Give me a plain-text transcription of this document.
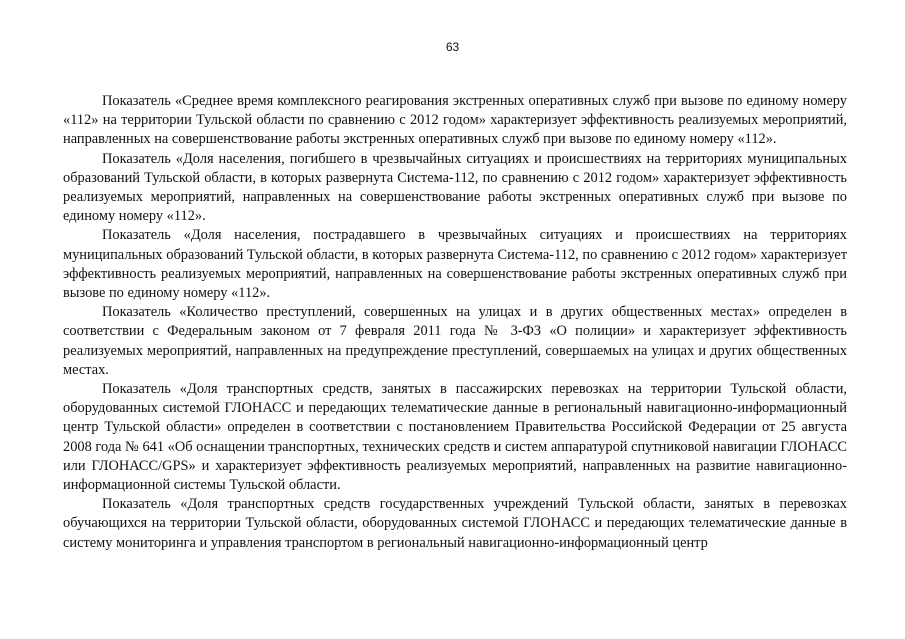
63

Показатель «Среднее время комплексного реагирования экстренных оперативных служб при вызове по единому номеру «112» на территории Тульской области по сравнению с 2012 годом» характеризует эффективность реализуемых мероприятий, направленных на совершенствование работы экстренных оперативных служб при вызове по единому номеру «112».

Показатель «Доля населения, погибшего в чрезвычайных ситуациях и происшествиях на территориях муниципальных образований Тульской области, в которых развернута Система-112, по сравнению с 2012 годом» характеризует эффективность реализуемых мероприятий, направленных на совершенствование работы экстренных оперативных служб при вызове по единому номеру «112».

Показатель «Доля населения, пострадавшего в чрезвычайных ситуациях и происшествиях на территориях муниципальных образований Тульской области, в которых развернута Система-112, по сравнению с 2012 годом» характеризует эффективность реализуемых мероприятий, направленных на совершенствование работы экстренных оперативных служб при вызове по единому номеру «112».

Показатель «Количество преступлений, совершенных на улицах и в других общественных местах» определен в соответствии с Федеральным законом от 7 февраля 2011 года № 3-ФЗ «О полиции» и характеризует эффективность реализуемых мероприятий, направленных на предупреждение преступлений, совершаемых на улицах и других общественных местах.

Показатель «Доля транспортных средств, занятых в пассажирских перевозках на территории Тульской области, оборудованных системой ГЛОНАСС и передающих телематические данные в региональный навигационно-информационный центр Тульской области» определен в соответствии с постановлением Правительства Российской Федерации от 25 августа 2008 года № 641 «Об оснащении транспортных, технических средств и систем аппаратурой спутниковой навигации ГЛОНАСС или ГЛОНАСС/GPS» и характеризует эффективность реализуемых мероприятий, направленных на развитие навигационно-информационной системы Тульской области.

Показатель «Доля транспортных средств государственных учреждений Тульской области, занятых в перевозках обучающихся на территории Тульской области, оборудованных системой ГЛОНАСС и передающих телематические данные в систему мониторинга и управления транспортом в региональный навигационно-информационный центр
